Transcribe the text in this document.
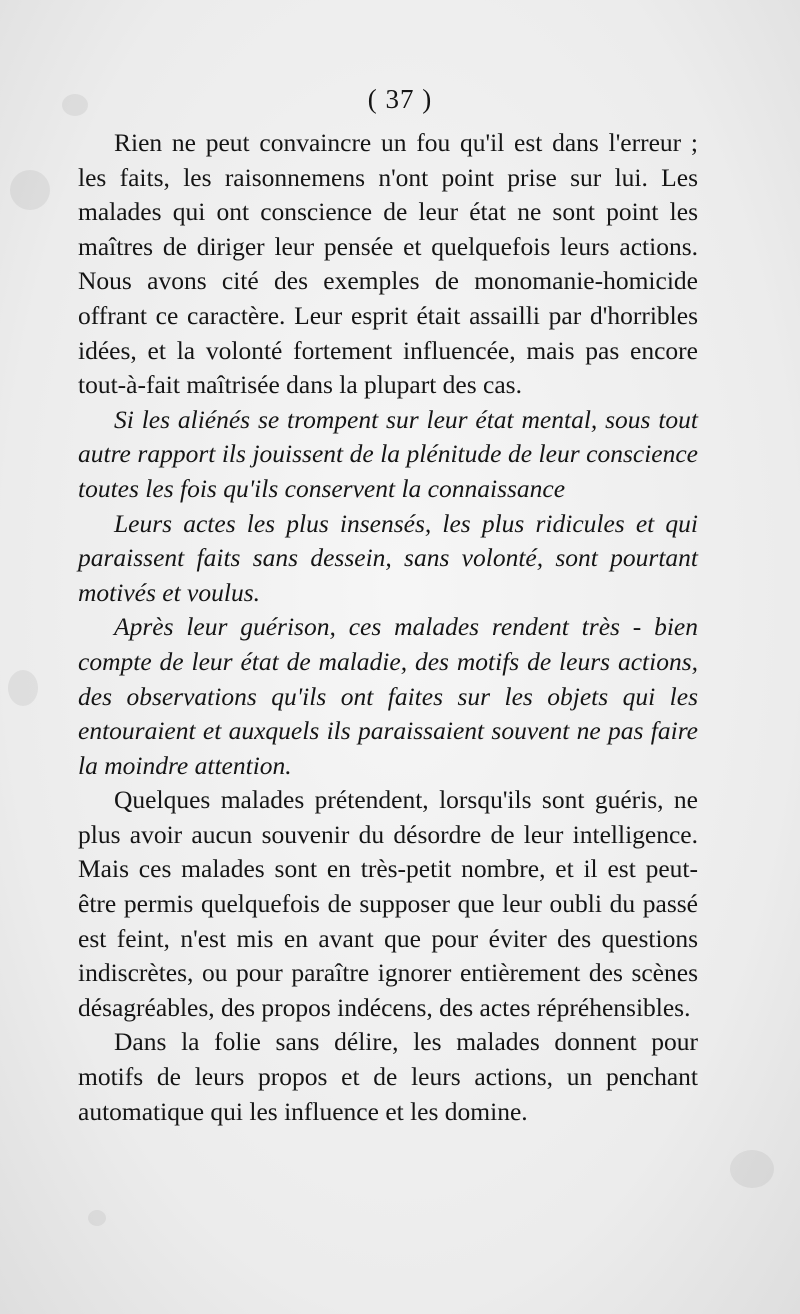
( 37 )

Rien ne peut convaincre un fou qu'il est dans l'erreur ; les faits, les raisonnemens n'ont point prise sur lui. Les malades qui ont conscience de leur état ne sont point les maîtres de diriger leur pensée et quelquefois leurs actions. Nous avons cité des exemples de monomanie-homicide offrant ce caractère. Leur esprit était assailli par d'horribles idées, et la volonté fortement influencée, mais pas encore tout-à-fait maîtrisée dans la plupart des cas.

Si les aliénés se trompent sur leur état mental, sous tout autre rapport ils jouissent de la plénitude de leur conscience toutes les fois qu'ils conservent la connaissance

Leurs actes les plus insensés, les plus ridicules et qui paraissent faits sans dessein, sans volonté, sont pourtant motivés et voulus.

Après leur guérison, ces malades rendent très - bien compte de leur état de maladie, des motifs de leurs actions, des observations qu'ils ont faites sur les objets qui les entouraient et auxquels ils paraissaient souvent ne pas faire la moindre attention.

Quelques malades prétendent, lorsqu'ils sont guéris, ne plus avoir aucun souvenir du désordre de leur intelligence. Mais ces malades sont en très-petit nombre, et il est peut-être permis quelquefois de supposer que leur oubli du passé est feint, n'est mis en avant que pour éviter des questions indiscrètes, ou pour paraître ignorer entièrement des scènes désagréables, des propos indécens, des actes répréhensibles.

Dans la folie sans délire, les malades donnent pour motifs de leurs propos et de leurs actions, un penchant automatique qui les influence et les domine.
